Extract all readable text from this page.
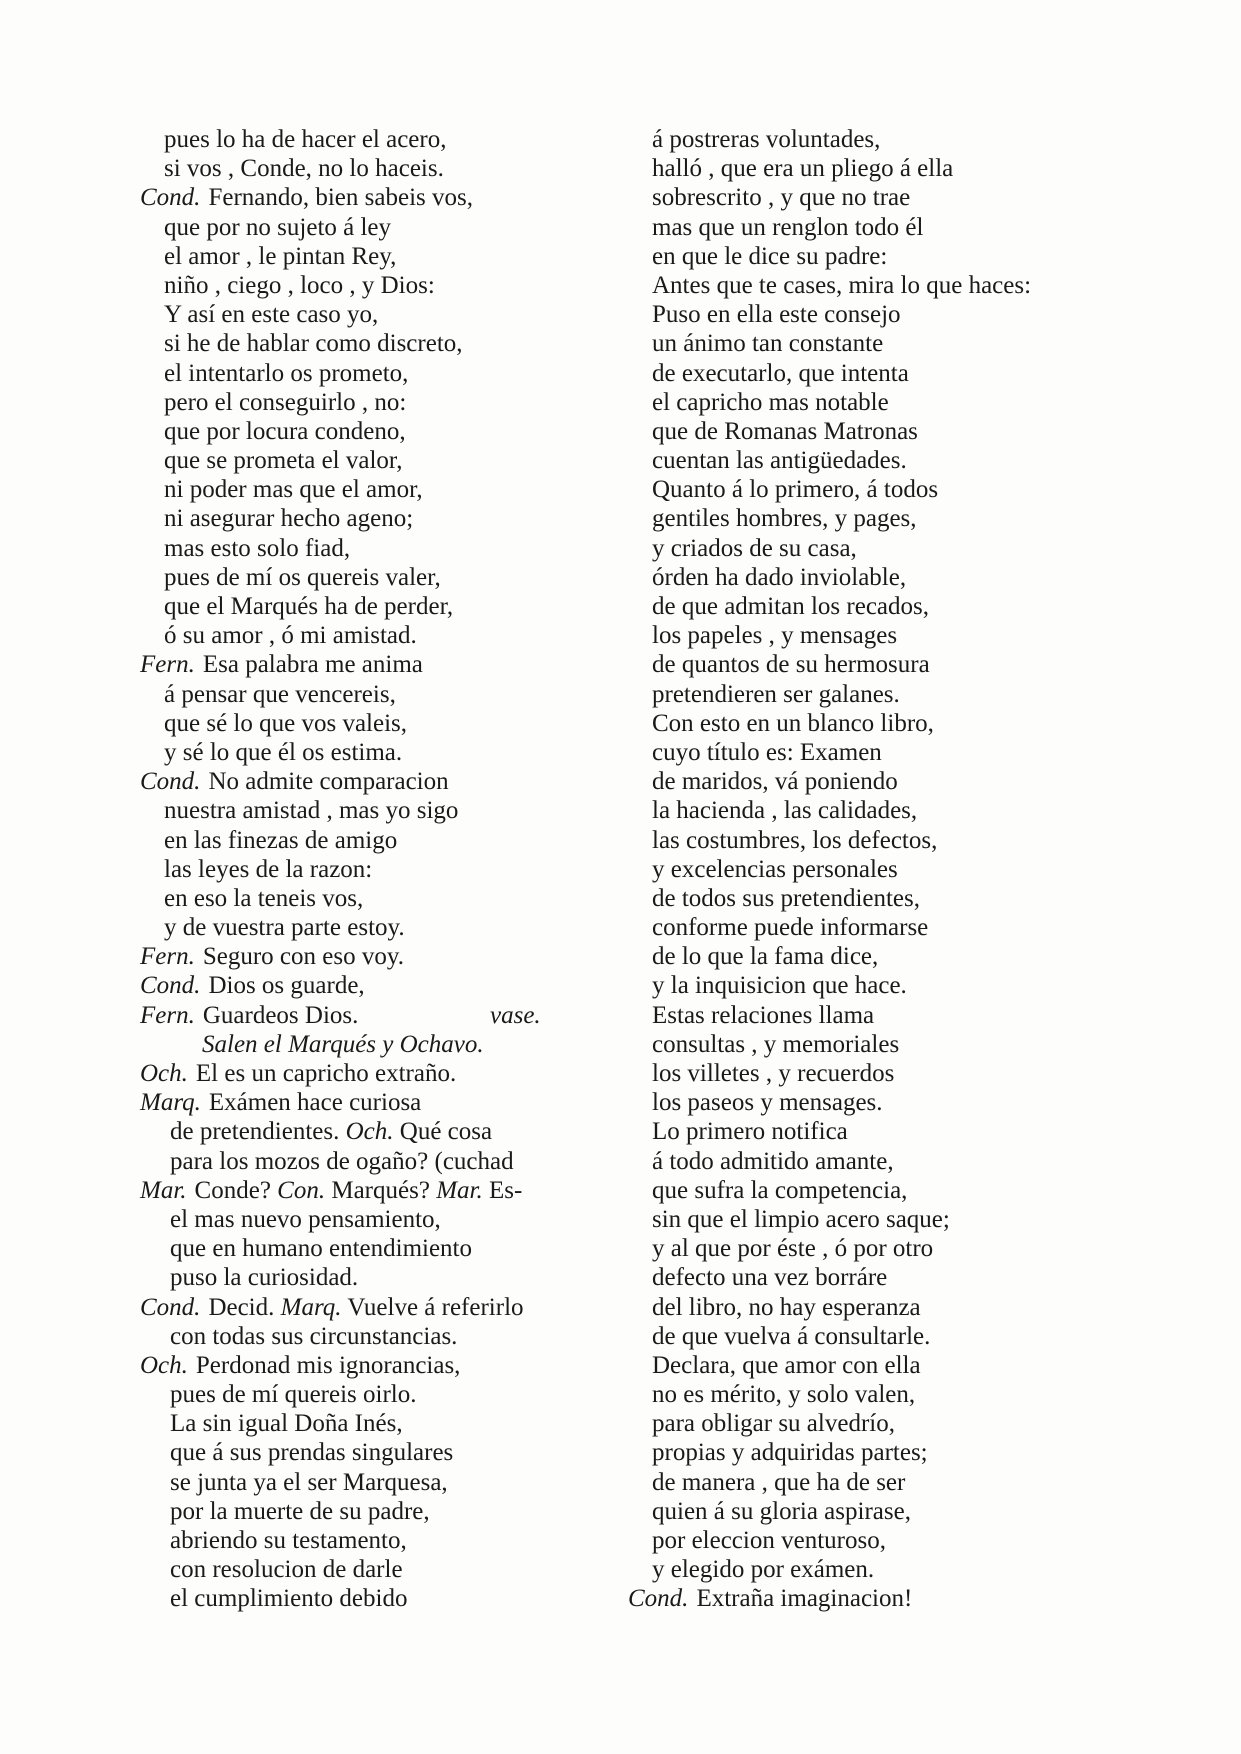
pues lo ha de hacer el acero,
si vos , Conde, no lo haceis.
Cond. Fernando, bien sabeis vos,
que por no sujeto á ley
el amor , le pintan Rey,
niño , ciego , loco , y Dios:
Y así en este caso yo,
si he de hablar como discreto,
el intentarlo os prometo,
pero el conseguirlo , no:
que por locura condeno,
que se prometa el valor,
ni poder mas que el amor,
ni asegurar hecho ageno;
mas esto solo fiad,
pues de mí os quereis valer,
que el Marqués ha de perder,
ó su amor , ó mi amistad.
Fern. Esa palabra me anima
á pensar que vencereis,
que sé lo que vos valeis,
y sé lo que él os estima.
Cond. No admite comparacion
nuestra amistad , mas yo sigo
en las finezas de amigo
las leyes de la razon:
en eso la teneis vos,
y de vuestra parte estoy.
Fern. Seguro con eso voy.
Cond. Dios os guarde,
Fern. Guardeos Dios.	vase.
Salen el Marqués y Ochavo.
Och. El es un capricho extraño.
Marq. Exámen hace curiosa
de pretendientes. Och. Qué cosa
para los mozos de ogaño? (cuchad
Mar. Conde? Con. Marqués? Mar. Es-
el mas nuevo pensamiento,
que en humano entendimiento
puso la curiosidad.
Cond. Decid. Marq. Vuelve á referirlo
con todas sus circunstancias.
Och. Perdonad mis ignorancias,
pues de mí quereis oirlo.
La sin igual Doña Inés,
que á sus prendas singulares
se junta ya el ser Marquesa,
por la muerte de su padre,
abriendo su testamento,
con resolucion de darle
el cumplimiento debido
á postreras voluntades,
halló , que era un pliego á ella
sobrescrito , y que no trae
mas que un renglon todo él
en que le dice su padre:
Antes que te cases, mira lo que haces:
Puso en ella este consejo
un ánimo tan constante
de executarlo, que intenta
el capricho mas notable
que de Romanas Matronas
cuentan las antigüedades.
Quanto á lo primero, á todos
gentiles hombres, y pages,
y criados de su casa,
órden ha dado inviolable,
de que admitan los recados,
los papeles , y mensages
de quantos de su hermosura
pretendieren ser galanes.
Con esto en un blanco libro,
cuyo título es: Examen
de maridos, vá poniendo
la hacienda , las calidades,
las costumbres, los defectos,
y excelencias personales
de todos sus pretendientes,
conforme puede informarse
de lo que la fama dice,
y la inquisicion que hace.
Estas relaciones llama
consultas , y memoriales
los villetes , y recuerdos
los paseos y mensages.
Lo primero notifica
á todo admitido amante,
que sufra la competencia,
sin que el limpio acero saque;
y al que por éste , ó por otro
defecto una vez borráre
del libro, no hay esperanza
de que vuelva á consultarle.
Declara, que amor con ella
no es mérito, y solo valen,
para obligar su alvedrío,
propias y adquiridas partes;
de manera , que ha de ser
quien á su gloria aspirase,
por eleccion venturoso,
y elegido por exámen.
Cond. Extraña imaginacion!
